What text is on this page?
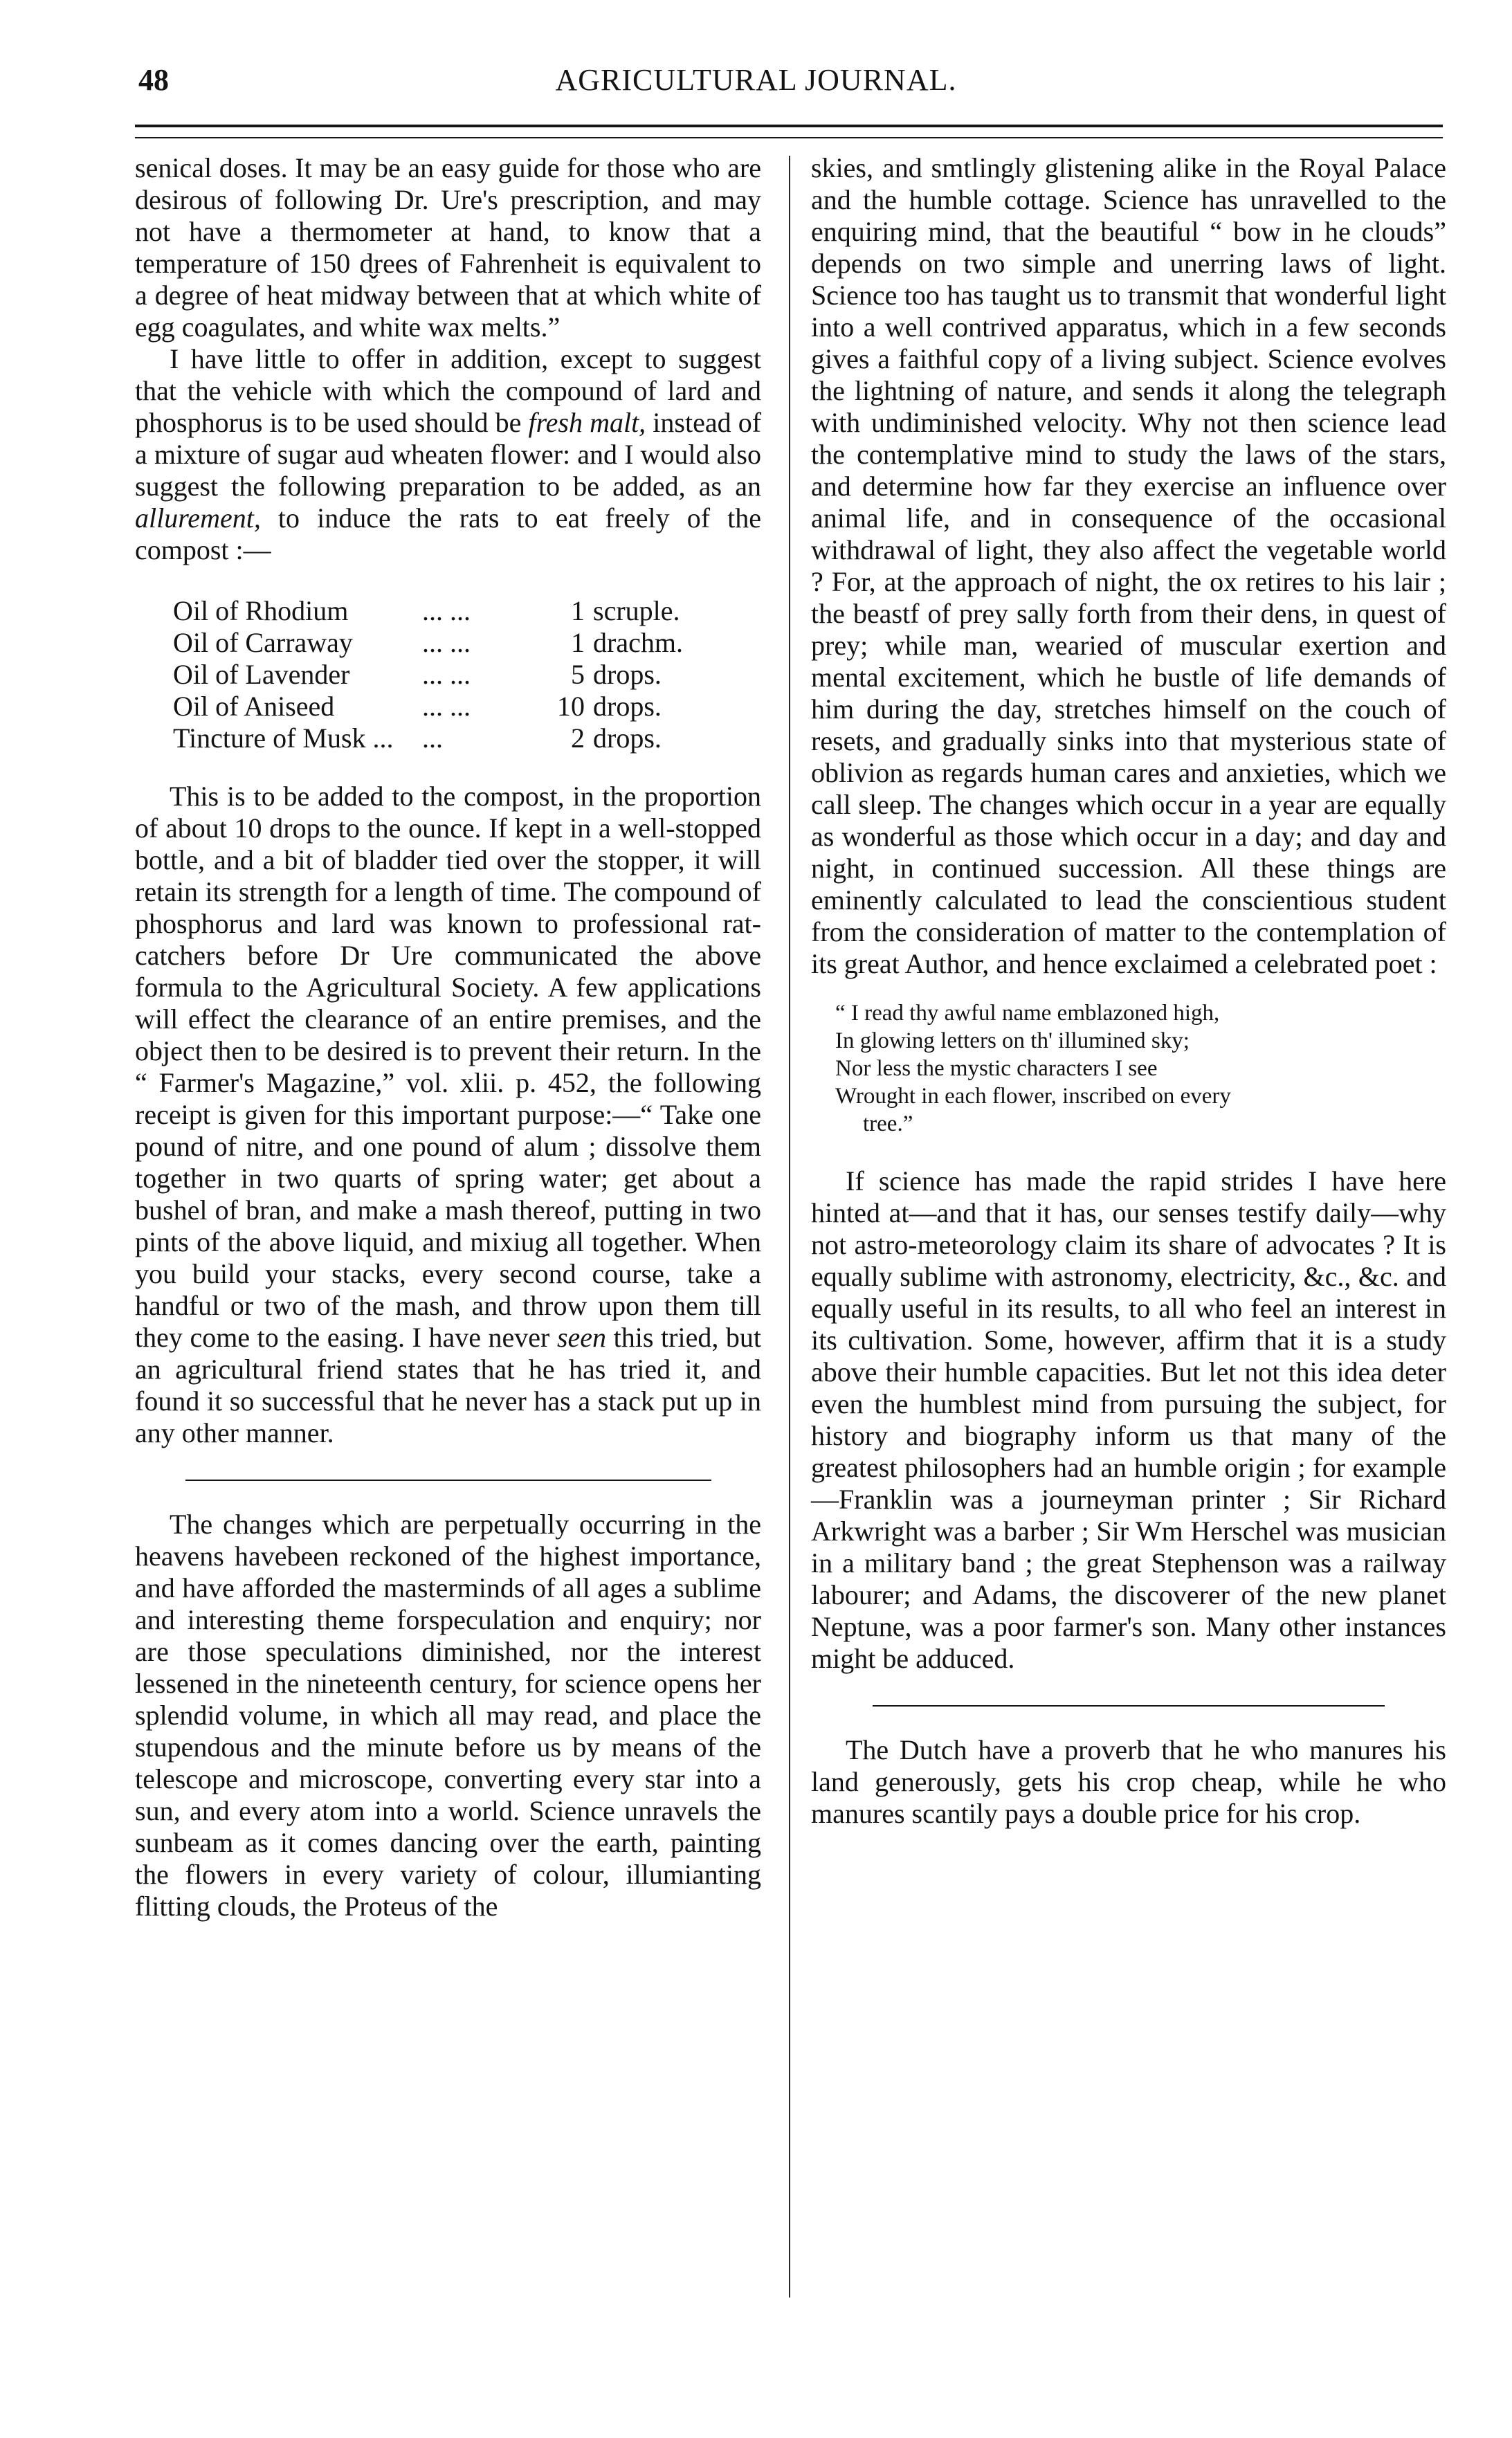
48	AGRICULTURAL JOURNAL.

senical doses. It may be an easy guide for those who are desirous of following Dr. Ure's prescription, and may not have a thermometer at hand, to know that a temperature of 150 d̬̬rees of Fahrenheit is equivalent to a degree of heat midway between that at which white of egg coagulates, and white wax melts.”

I have little to offer in addition, except to suggest that the vehicle with which the compound of lard and phosphorus is to be used should be fresh malt, instead of a mixture of sugar aud wheaten flower: and I would also suggest the following preparation to be added, as an allurement, to induce the rats to eat freely of the compost :—

Oil of Rhodium	... ...	1	scruple.
Oil of Carraway	... ...	1	drachm.
Oil of Lavender	... ...	5	drops.
Oil of Aniseed	... ...	10	drops.
Tincture of Musk ...	...	2	drops.

This is to be added to the compost, in the proportion of about 10 drops to the ounce. If kept in a well-stopped bottle, and a bit of bladder tied over the stopper, it will retain its strength for a length of time. The compound of phosphorus and lard was known to professional rat-catchers before Dr Ure communicated the above formula to the Agricultural Society. A few applications will effect the clearance of an entire premises, and the object then to be desired is to prevent their return. In the “ Farmer's Magazine,” vol. xlii. p. 452, the following receipt is given for this important purpose:—“ Take one pound of nitre, and one pound of alum ; dissolve them together in two quarts of spring water; get about a bushel of bran, and make a mash thereof, putting in two pints of the above liquid, and mixiug all together. When you build your stacks, every second course, take a handful or two of the mash, and throw upon them till they come to the easing. I have never seen this tried, but an agricultural friend states that he has tried it, and found it so successful that he never has a stack put up in any other manner.

The changes which are perpetually occurring in the heavens havebeen reckoned of the highest importance, and have afforded the masterminds of all ages a sublime and interesting theme forspeculation and enquiry; nor are those speculations diminished, nor the interest lessened in the nineteenth century, for science opens her splendid volume, in which all may read, and place the stupendous and the minute before us by means of the telescope and microscope, converting every star into a sun, and every atom into a world. Science unravels the sunbeam as it comes dancing over the earth, painting the flowers in every variety of colour, illumianting flitting clouds, the Proteus of the

skies, and smtlingly glistening alike in the Royal Palace and the humble cottage. Science has unravelled to the enquiring mind, that the beautiful “ bow in he clouds” depends on two simple and unerring laws of light. Science too has taught us to transmit that wonderful light into a well contrived apparatus, which in a few seconds gives a faithful copy of a living subject. Science evolves the lightning of nature, and sends it along the telegraph with undiminished velocity. Why not then science lead the contemplative mind to study the laws of the stars, and determine how far they exercise an influence over animal life, and in consequence of the occasional withdrawal of light, they also affect the vegetable world ? For, at the approach of night, the ox retires to his lair ; the beastf of prey sally forth from their dens, in quest of prey; while man, wearied of muscular exertion and mental excitement, which he bustle of life demands of him during the day, stretches himself on the couch of resets, and gradually sinks into that mysterious state of oblivion as regards human cares and anxieties, which we call sleep. The changes which occur in a year are equally as wonderful as those which occur in a day; and day and night, in continued succession. All these things are eminently calculated to lead the conscientious student from the consideration of matter to the contemplation of its great Author, and hence exclaimed a celebrated poet :

“ I read thy awful name emblazoned high,
In glowing letters on th' illumined sky;
Nor less the mystic characters I see
Wrought in each flower, inscribed on every
tree.”

If science has made the rapid strides I have here hinted at—and that it has, our senses testify daily—why not astro-meteorology claim its share of advocates ? It is equally sublime with astronomy, electricity, &c., &c. and equally useful in its results, to all who feel an interest in its cultivation. Some, however, affirm that it is a study above their humble capacities. But let not this idea deter even the humblest mind from pursuing the subject, for history and biography inform us that many of the greatest philosophers had an humble origin ; for example—Franklin was a journeyman printer ; Sir Richard Arkwright was a barber ; Sir Wm Herschel was musician in a military band ; the great Stephenson was a railway labourer; and Adams, the discoverer of the new planet Neptune, was a poor farmer's son. Many other instances might be adduced.

The Dutch have a proverb that he who manures his land generously, gets his crop cheap, while he who manures scantily pays a double price for his crop.
